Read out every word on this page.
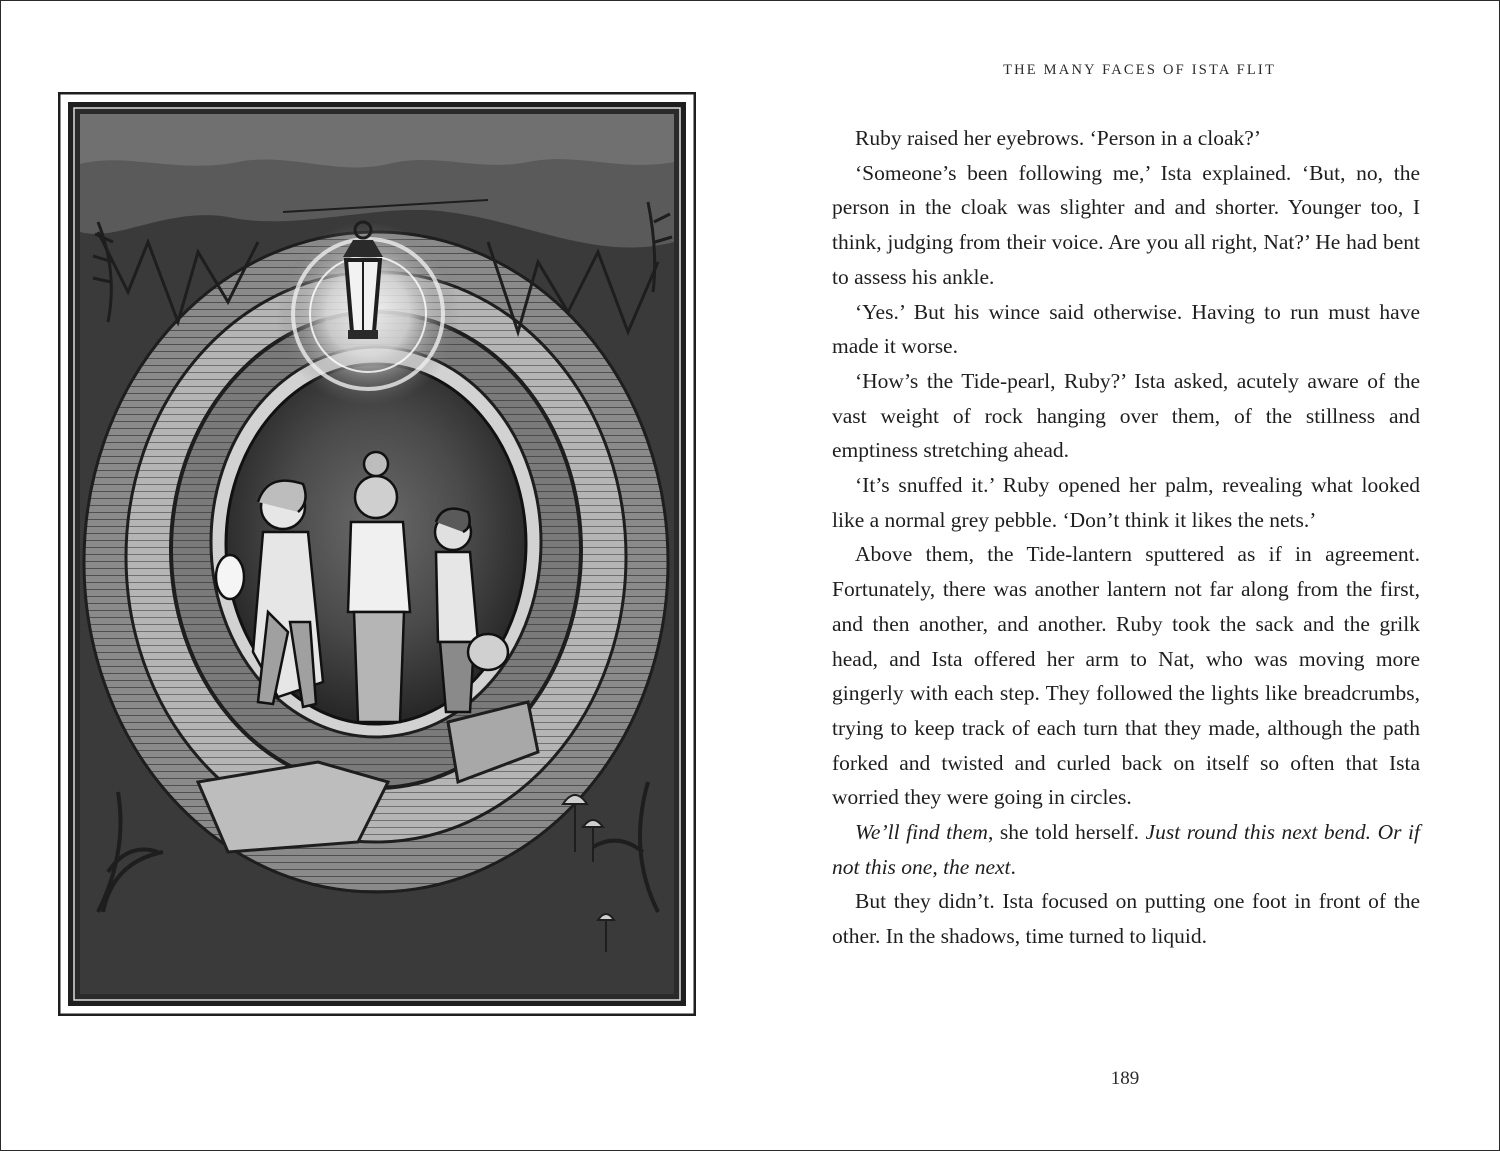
THE MANY FACES OF ISTA FLIT

Ruby raised her eyebrows. ‘Person in a cloak?’

‘Someone’s been following me,’ Ista explained. ‘But, no, the person in the cloak was slighter and and shorter. Younger too, I think, judging from their voice. Are you all right, Nat?’ He had bent to assess his ankle.

‘Yes.’ But his wince said otherwise. Having to run must have made it worse.

‘How’s the Tide-pearl, Ruby?’ Ista asked, acutely aware of the vast weight of rock hanging over them, of the stillness and emptiness stretching ahead.

‘It’s snuffed it.’ Ruby opened her palm, revealing what looked like a normal grey pebble. ‘Don’t think it likes the nets.’

Above them, the Tide-lantern sputtered as if in agreement. Fortunately, there was another lantern not far along from the first, and then another, and another. Ruby took the sack and the grilk head, and Ista offered her arm to Nat, who was moving more gingerly with each step. They followed the lights like breadcrumbs, trying to keep track of each turn that they made, although the path forked and twisted and curled back on itself so often that Ista worried they were going in circles.

We’ll find them, she told herself. Just round this next bend. Or if not this one, the next.

But they didn’t. Ista focused on putting one foot in front of the other. In the shadows, time turned to liquid.

189
